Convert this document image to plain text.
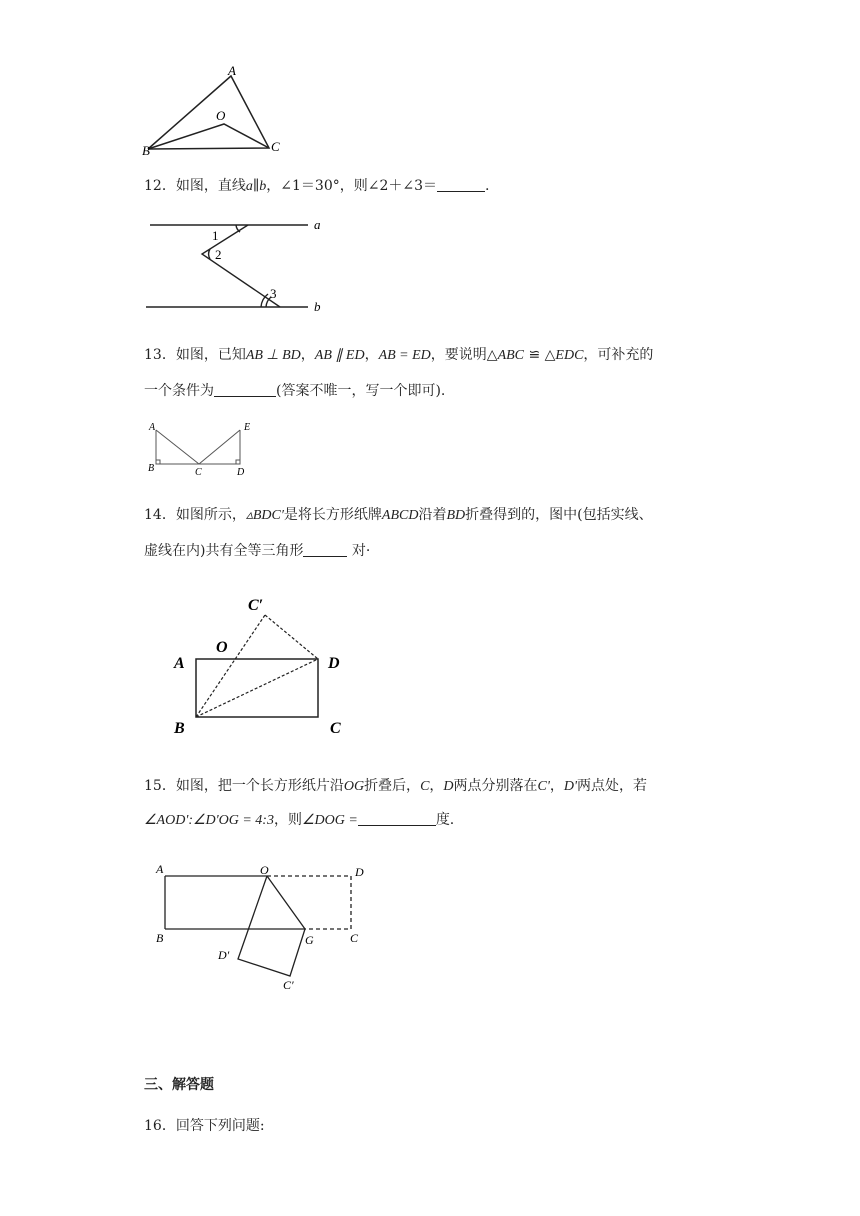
A
O
B	C
12．如图，直线a∥b，∠1＝30°，则∠2＋∠3＝	.
1
2
3
a
b
13．如图，已知AB ⊥ BD，AB ∥ ED，AB = ED，要说明△ABC ≌ △EDC，可补充的
一个条件为	(答案不唯一，写一个即可).
A	E
B	C	D
14．如图所示，▵BDC′是将长方形纸牌ABCD沿着BD折叠得到的，图中(包括实线、
虚线在内)共有全等三角形	对·
C′
O
A	D
B	C
15．如图，把一个长方形纸片沿OG折叠后，C，D两点分别落在C'，D'两点处，若
∠AOD':∠D'OG = 4:3，则∠DOG =	度.
A	O	D
B	G	C
D′
C′
三、解答题
16．回答下列问题:
